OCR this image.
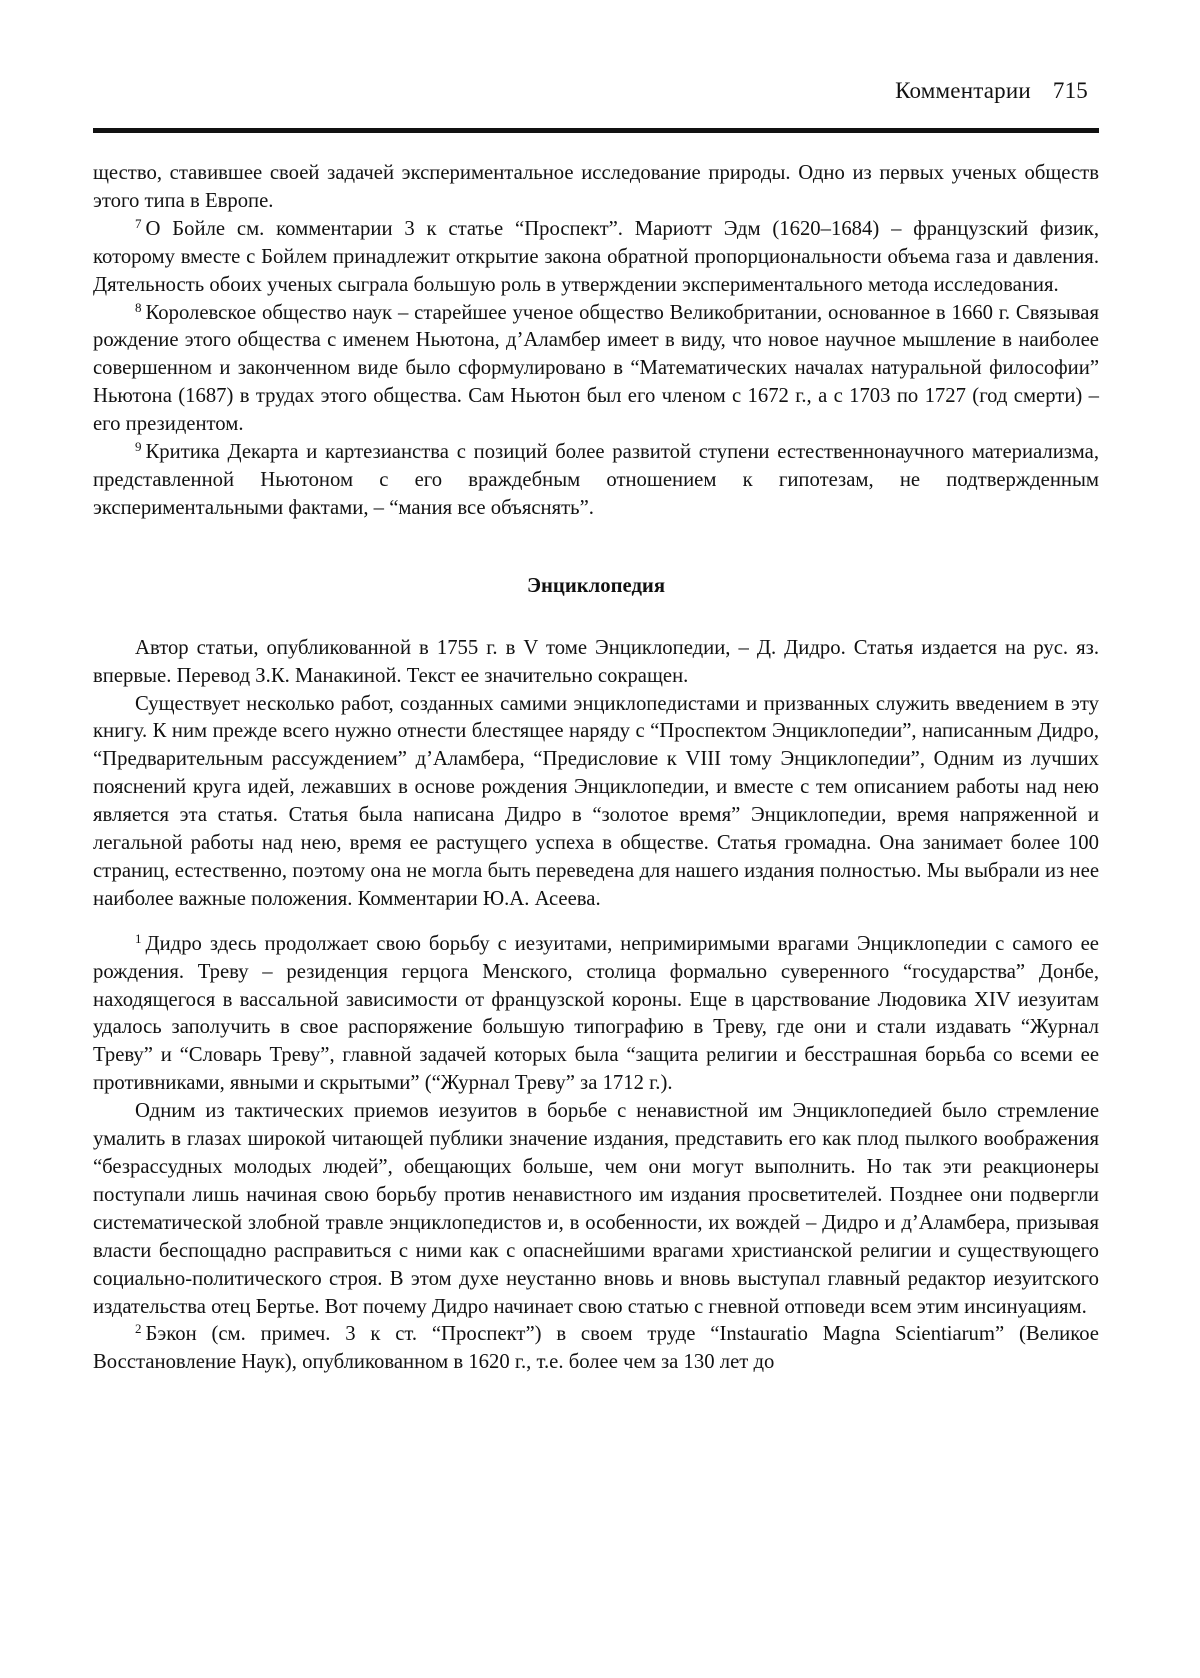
Комментарии 715

щество, ставившее своей задачей экспериментальное исследование природы. Одно из первых ученых обществ этого типа в Европе.

$^7$ О Бойле см. комментарии 3 к статье “Проспект”. Мариотт Эдм (1620–1684) – французский физик, которому вместе с Бойлем принадлежит открытие закона обратной пропорциональности объема газа и давления. Дятельность обоих ученых сыграла большую роль в утверждении экспериментального метода исследования.

$^8$ Королевское общество наук – старейшее ученое общество Великобритании, основанное в 1660 г. Связывая рождение этого общества с именем Ньютона, д’Аламбер имеет в виду, что новое научное мышление в наиболее совершенном и законченном виде было сформулировано в “Математических началах натуральной философии” Ньютона (1687) в трудах этого общества. Сам Ньютон был его членом с 1672 г., а с 1703 по 1727 (год смерти) – его президентом.

$^9$ Критика Декарта и картезианства с позиций более развитой ступени естественнонаучного материализма, представленной Ньютоном с его враждебным отношением к гипотезам, не подтвержденным экспериментальными фактами, – “мания все объяснять”.

Энциклопедия

Автор статьи, опубликованной в 1755 г. в V томе Энциклопедии, – Д. Дидро. Статья издается на рус. яз. впервые. Перевод З.К. Манакиной. Текст ее значительно сокращен.

Существует несколько работ, созданных самими энциклопедистами и призванных служить введением в эту книгу. К ним прежде всего нужно отнести блестящее наряду с “Проспектом Энциклопедии”, написанным Дидро, “Предварительным рассуждением” д’Аламбера, “Предисловие к VIII тому Энциклопедии”, Одним из лучших пояснений круга идей, лежавших в основе рождения Энциклопедии, и вместе с тем описанием работы над нею является эта статья. Статья была написана Дидро в “золотое время” Энциклопедии, время напряженной и легальной работы над нею, время ее растущего успеха в обществе. Статья громадна. Она занимает более 100 страниц, естественно, поэтому она не могла быть переведена для нашего издания полностью. Мы выбрали из нее наиболее важные положения. Комментарии Ю.А. Асеева.

$^1$ Дидро здесь продолжает свою борьбу с иезуитами, непримиримыми врагами Энциклопедии с самого ее рождения. Треву – резиденция герцога Менского, столица формально суверенного “государства” Донбе, находящегося в вассальной зависимости от французской короны. Еще в царствование Людовика XIV иезуитам удалось заполучить в свое распоряжение большую типографию в Треву, где они и стали издавать “Журнал Треву” и “Словарь Треву”, главной задачей которых была “защита религии и бесстрашная борьба со всеми ее противниками, явными и скрытыми” (“Журнал Треву” за 1712 г.).

Одним из тактических приемов иезуитов в борьбе с ненавистной им Энциклопедией было стремление умалить в глазах широкой читающей публики значение издания, представить его как плод пылкого воображения “безрассудных молодых людей”, обещающих больше, чем они могут выполнить. Но так эти реакционеры поступали лишь начиная свою борьбу против ненавистного им издания просветителей. Позднее они подвергли систематической злобной травле энциклопедистов и, в особенности, их вождей – Дидро и д’Аламбера, призывая власти беспощадно расправиться с ними как с опаснейшими врагами христианской религии и существующего социально-политического строя. В этом духе неустанно вновь и вновь выступал главный редактор иезуитского издательства отец Бертье. Вот почему Дидро начинает свою статью с гневной отповеди всем этим инсинуациям.

$^2$ Бэкон (см. примеч. 3 к ст. “Проспект”) в своем труде “Instauratio Magna Scientiarum” (Великое Восстановление Наук), опубликованном в 1620 г., т.е. более чем за 130 лет до
